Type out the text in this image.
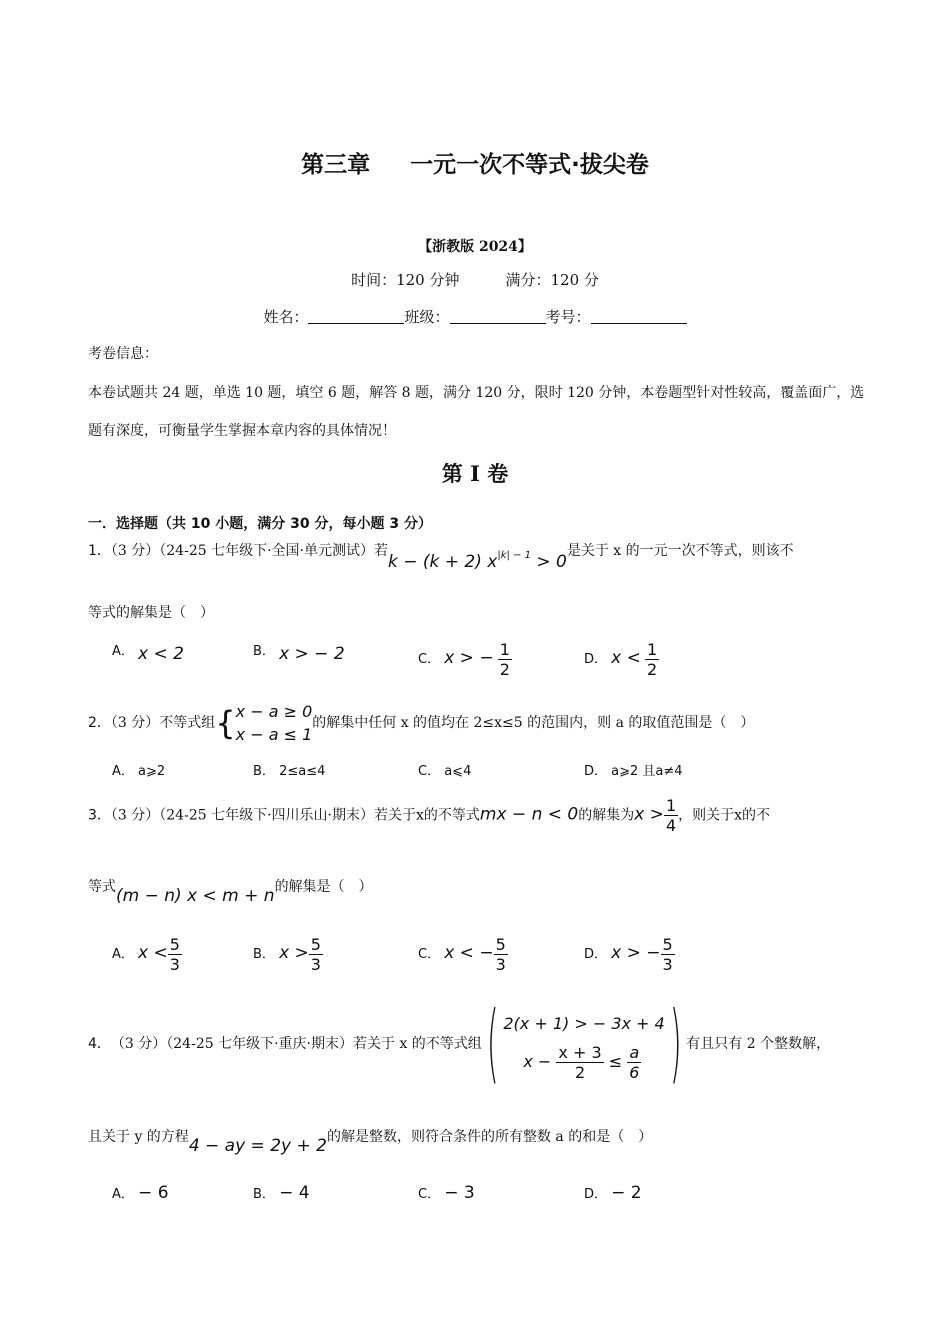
第三章 一元一次不等式·拔尖卷
【浙教版 2024】
时间：120 分钟	满分：120 分
姓名：	班级：	考号：
考卷信息：
本卷试题共 24 题，单选 10 题，填空 6 题，解答 8 题，满分 120 分，限时 120 分钟，本卷题型针对性较高，覆盖面广，选题有深度，可衡量学生掌握本章内容的具体情况！
第 I 卷
一．选择题（共 10 小题，满分 30 分，每小题 3 分）
1．（3 分）（24-25 七年级下·全国·单元测试）若k − (k + 2) $x^{|k| - 1} > 0$是关于 x 的一元一次不等式，则该不
等式的解集是（　）
A． x < 2	B． x > − 2	C． x > − $\frac{1}{2}$	D． $x < \frac{1}{2}$
2．（3 分）不等式组{ x − a ≥ 0
x − a ≤ 1
的解集中任何 x 的值均在 2≤x≤5 的范围内，则 a 的取值范围是（　）
A． a⩾2	B． 2≤a≤4	C． a⩽4	D． a⩾2 且a≠4
3．（3 分）（24-25 七年级下·四川乐山·期末）若关于x的不等式mx − n < 0的解集为$x > \frac{1}{4}$ ，则关于x的不
等式(m − n) x < m + n的解集是（　）
A． $x < \frac{5}{3}$	B． $x > \frac{5}{3}$	C． x < − $\frac{5}{3}$	D． x > − $\frac{5}{3}$
4． （3 分）（24-25 七年级下·重庆·期末）若关于 x 的不等式组 ( 2(x + 1) > − 3x + 4
$x - \frac{x + 3}{2} \le \frac{a}{6}$ ) 有且只有 2 个整数解，
且关于 y 的方程4 − ay = 2y + 2的解是整数，则符合条件的所有整数 a 的和是（　）
A． − 6	B． − 4	C． − 3	D． − 2
